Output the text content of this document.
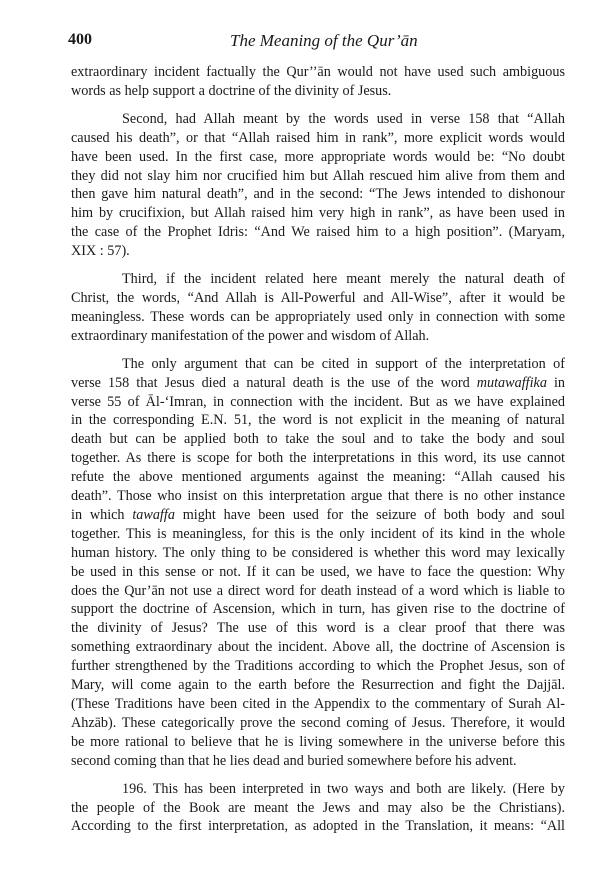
400	The Meaning of the Qur’ān
extraordinary incident factually the Qur’’ān would not have used such ambiguous
words as help support a doctrine of the divinity of Jesus.
Second, had Allah meant by the words used in verse 158 that “Allah
caused his death”, or that “Allah raised him in rank”, more explicit words would
have been used. In the first case, more appropriate words would be: “No doubt
they did not slay him nor crucified him but Allah rescued him alive from them and
then gave him natural death”, and in the second: “The Jews intended to dishonour
him by crucifixion, but Allah raised him very high in rank”, as have been used in
the case of the Prophet Idris: “And We raised him to a high position”. (Maryam,
XIX : 57).
Third, if the incident related here meant merely the natural death of
Christ, the words, “And Allah is All-Powerful and All-Wise”, after it would be
meaningless. These words can be appropriately used only in connection with some
extraordinary manifestation of the power and wisdom of Allah.
The only argument that can be cited in support of the interpretation of
verse 158 that Jesus died a natural death is the use of the word mutawaffika in
verse 55 of Āl-‘Imran, in connection with the incident. But as we have explained
in the corresponding E.N. 51, the word is not explicit in the meaning of natural
death but can be applied both to take the soul and to take the body and soul
together. As there is scope for both the interpretations in this word, its use cannot
refute the above mentioned arguments against the meaning: “Allah caused his
death”. Those who insist on this interpretation argue that there is no other instance
in which tawaffa might have been used for the seizure of both body and soul
together. This is meaningless, for this is the only incident of its kind in the whole
human history. The only thing to be considered is whether this word may lexically
be used in this sense or not. If it can be used, we have to face the question: Why
does the Qur’ān not use a direct word for death instead of a word which is liable to
support the doctrine of Ascension, which in turn, has given rise to the doctrine of
the divinity of Jesus? The use of this word is a clear proof that there was
something extraordinary about the incident. Above all, the doctrine of Ascension is
further strengthened by the Traditions according to which the Prophet Jesus, son of
Mary, will come again to the earth before the Resurrection and fight the Dajjāl.
(These Traditions have been cited in the Appendix to the commentary of Surah Al-
Ahzāb). These categorically prove the second coming of Jesus. Therefore, it would
be more rational to believe that he is living somewhere in the universe before this
second coming than that he lies dead and buried somewhere before his advent.
196. This has been interpreted in two ways and both are likely. (Here by
the people of the Book are meant the Jews and may also be the Christians).
According to the first interpretation, as adopted in the Translation, it means: “All
